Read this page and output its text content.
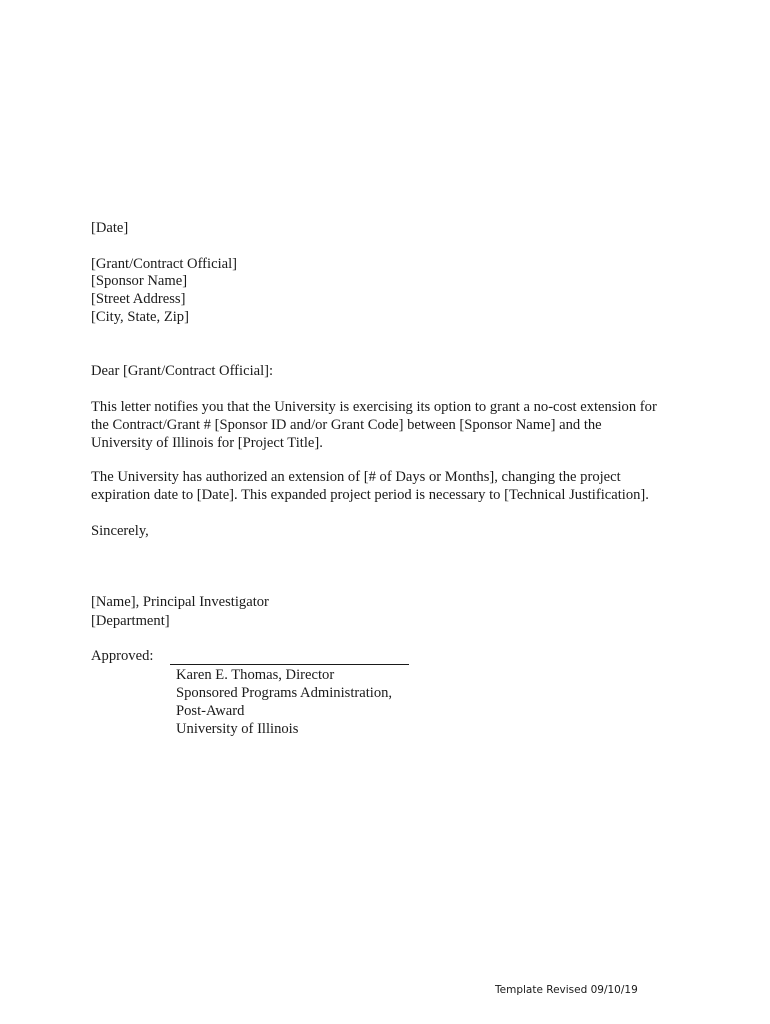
[Date]
[Grant/Contract Official]
[Sponsor Name]
[Street Address]
[City, State, Zip]
Dear [Grant/Contract Official]:
This letter notifies you that the University is exercising its option to grant a no-cost extension for
the Contract/Grant # [Sponsor ID and/or Grant Code] between [Sponsor Name] and the
University of Illinois for [Project Title].
The University has authorized an extension of [# of Days or Months], changing the project
expiration date to [Date]. This expanded project period is necessary to [Technical Justification].
Sincerely,
[Name], Principal Investigator
[Department]
Approved:
Karen E. Thomas, Director
Sponsored Programs Administration,
Post-Award
University of Illinois
Template Revised 09/10/19
